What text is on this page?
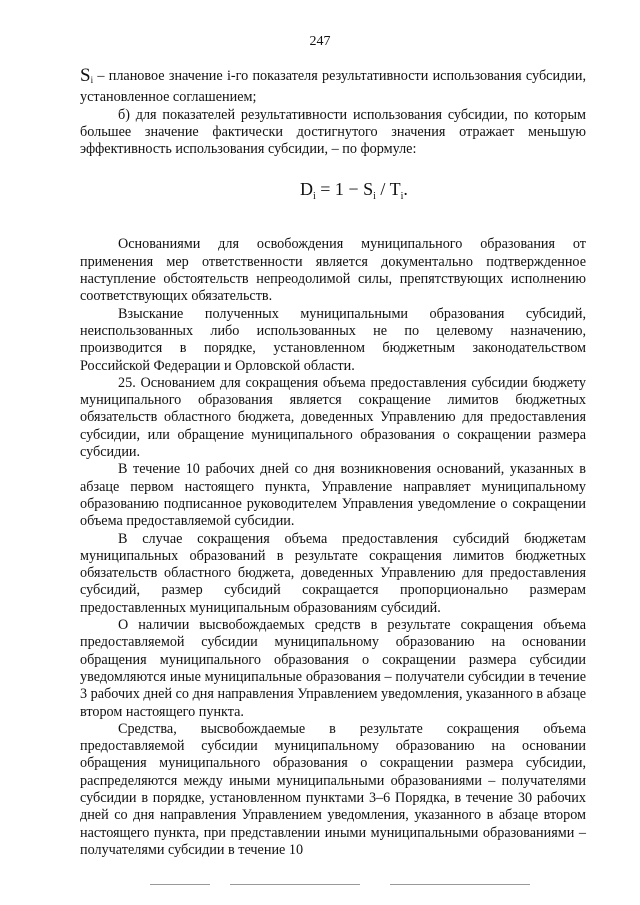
247

$S_i$ – плановое значение i-го показателя результативности использования субсидии, установленное соглашением;

б) для показателей результативности использования субсидии, по которым большее значение фактически достигнутого значения отражает меньшую эффективность использования субсидии, – по формуле:

$D_i = 1 - S_i / T_i$.

Основаниями для освобождения муниципального образования от применения мер ответственности является документально подтвержденное наступление обстоятельств непреодолимой силы, препятствующих исполнению соответствующих обязательств.

Взыскание полученных муниципальными образования субсидий, неиспользованных либо использованных не по целевому назначению, производится в порядке, установленном бюджетным законодательством Российской Федерации и Орловской области.

25. Основанием для сокращения объема предоставления субсидии бюджету муниципального образования является сокращение лимитов бюджетных обязательств областного бюджета, доведенных Управлению для предоставления субсидии, или обращение муниципального образования о сокращении размера субсидии.

В течение 10 рабочих дней со дня возникновения оснований, указанных в абзаце первом настоящего пункта, Управление направляет муниципальному образованию подписанное руководителем Управления уведомление о сокращении объема предоставляемой субсидии.

В случае сокращения объема предоставления субсидий бюджетам муниципальных образований в результате сокращения лимитов бюджетных обязательств областного бюджета, доведенных Управлению для предоставления субсидий, размер субсидий сокращается пропорционально размерам предоставленных муниципальным образованиям субсидий.

О наличии высвобождаемых средств в результате сокращения объема предоставляемой субсидии муниципальному образованию на основании обращения муниципального образования о сокращении размера субсидии уведомляются иные муниципальные образования – получатели субсидии в течение 3 рабочих дней со дня направления Управлением уведомления, указанного в абзаце втором настоящего пункта.

Средства, высвобождаемые в результате сокращения объема предоставляемой субсидии муниципальному образованию на основании обращения муниципального образования о сокращении размера субсидии, распределяются между иными муниципальными образованиями – получателями субсидии в порядке, установленном пунктами 3–6 Порядка, в течение 30 рабочих дней со дня направления Управлением уведомления, указанного в абзаце втором настоящего пункта, при представлении иными муниципальными образованиями – получателями субсидии в течение 10
